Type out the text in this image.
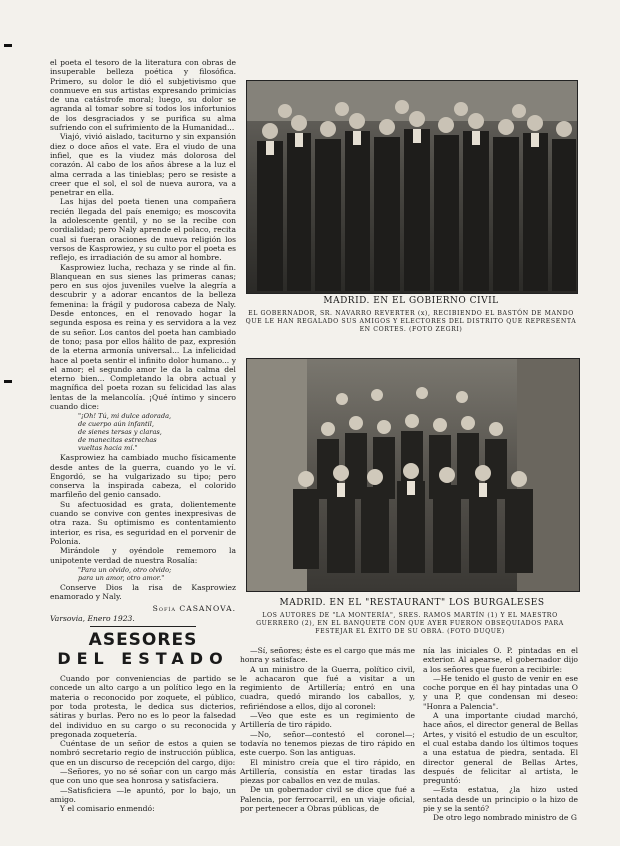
el poeta el tesoro de la literatura con obras de insuperable belleza poética y filosófica. Primero, su dolor le dió el subjetivismo que conmueve en sus artistas expresando primicias de una catástrofe moral; luego, su dolor se agranda al tomar sobre sí todos los infortunios de los desgraciados y se purifica su alma sufriendo con el sufrimiento de la Humanidad...

Viajó, vivió aislado, taciturno y sin expansión diez o doce años el vate. Era el viudo de una infiel, que es la viudez más dolorosa del corazón. Al cabo de los años ábrese a la luz el alma cerrada a las tinieblas; pero se resiste a creer que el sol, el sol de nueva aurora, va a penetrar en ella.

Las hijas del poeta tienen una compañera recién llegada del país enemigo; es moscovita la adolescente gentil, y no se la recibe con cordialidad; pero Naly aprende el polaco, recita cual si fueran oraciones de nueva religión los versos de Kasprowiez, y su culto por el poeta es reflejo, es irradiación de su amor al hombre.

Kasprowiez lucha, rechaza y se rinde al fin. Blanquean en sus sienes las primeras canas; pero en sus ojos juveniles vuelve la alegría a descubrir y a adorar encantos de la belleza femenina: la frágil y pudorosa cabeza de Naly. Desde entonces, en el renovado hogar la segunda esposa es reina y es servidora a la vez de su señor. Los cantos del poeta han cambiado de tono; pasa por ellos hálito de paz, expresión de la eterna armonía universal... La infelicidad hace al poeta sentir el infinito dolor humano... y el amor; el segundo amor le da la calma del eterno bien... Completando la obra actual y magnífica del poeta rozan su felicidad las alas lentas de la melancolía. ¡Qué íntimo y sincero cuando dice:

"¡Oh! Tú, mi dulce adorada,
de cuerpo aún infantil,
de sienes tersas y claras,
de manecitas estrechas
vueltas hacia mí."

Kasprowiez ha cambiado mucho físicamente desde antes de la guerra, cuando yo le ví. Engordó, se ha vulgarizado su tipo; pero conserva la inspirada cabeza, el colorido marfileño del genio cansado.

Su afectuosidad es grata, dolientemente cuando se convive con gentes inexpresivas de otra raza. Su optimismo es contentamiento interior, es risa, es seguridad en el porvenir de Polonia.

Mirándole y oyéndole rememoro la unipotente verdad de nuestra Rosalía:

"Para un olvido, otro olvido;
para un amor, otro amor."

Conserve Dios la risa de Kasprowiez enamorado y Naly.

Sofía CASANOVA.

Varsovia, Enero 1923.

ASESORES
DEL ESTADO

Cuando por conveniencias de partido se concede un alto cargo a un político lego en la materia o reconocido por zoquete, el público, por toda protesta, le dedica sus dicterios, sátiras y burlas. Pero no es lo peor la falsedad del individuo en su cargo o su reconocida y pregonada zoquetería.

Cuéntase de un señor de estos a quien se nombró secretario regio de instrucción pública, que en un discurso de recepción del cargo, dijo:

—Señores, yo no sé soñar con un cargo más que con uno que sea honrosa y satisfaciera.

—Satisficiera —le apuntó, por lo bajo, un amigo.

Y el comisario enmendó:

MADRID. EN EL GOBIERNO CIVIL
EL GOBERNADOR, SR. NAVARRO REVERTER (x), RECIBIENDO EL BASTÓN DE MANDO QUE LE HAN REGALADO SUS AMIGOS Y ELECTORES DEL DISTRITO QUE REPRESENTA EN CORTES. (FOTO ZEGRI)
MADRID. EN EL "RESTAURANT" LOS BURGALESES
LOS AUTORES DE "LA MONTERÍA", SRES. RAMOS MARTÍN (1) Y EL MAESTRO GUERRERO (2), EN EL BANQUETE CON QUE AYER FUERON OBSEQUIADOS PARA FESTEJAR EL ÉXITO DE SU OBRA. (FOTO DUQUE)

—Sí, señores; éste es el cargo que más me honra y satisface.

A un ministro de la Guerra, político civil, le achacaron que fué a visitar a un regimiento de Artillería; entró en una cuadra, quedó mirando los caballos, y, refiriéndose a ellos, dijo al coronel:

—Veo que este es un regimiento de Artillería de tiro rápido.

—No, señor—contestó el coronel—; todavía no tenemos piezas de tiro rápido en este cuerpo. Son las antiguas.

El ministro creía que el tiro rápido, en Artillería, consistía en estar tiradas las piezas por caballos en vez de mulas.

De un gobernador civil se dice que fué a Palencia, por ferrocarril, en un viaje oficial, por pertenecer a Obras públicas, de

nía las iniciales O. P. pintadas en el exterior. Al apearse, el gobernador dijo a los señores que fueron a recibirle:

—He tenido el gusto de venir en ese coche porque en él hay pintadas una O y una P, que condensan mi deseo: "Honra a Palencia".

A una importante ciudad marchó, hace años, el director general de Bellas Artes, y visitó el estudio de un escultor, el cual estaba dando los últimos toques a una estatua de piedra, sentada. El director general de Bellas Artes, después de felicitar al artista, le preguntó:

—Esta estatua, ¿la hizo usted sentada desde un principio o la hizo de pie y se la sentó?

De otro lego nombrado ministro de G
